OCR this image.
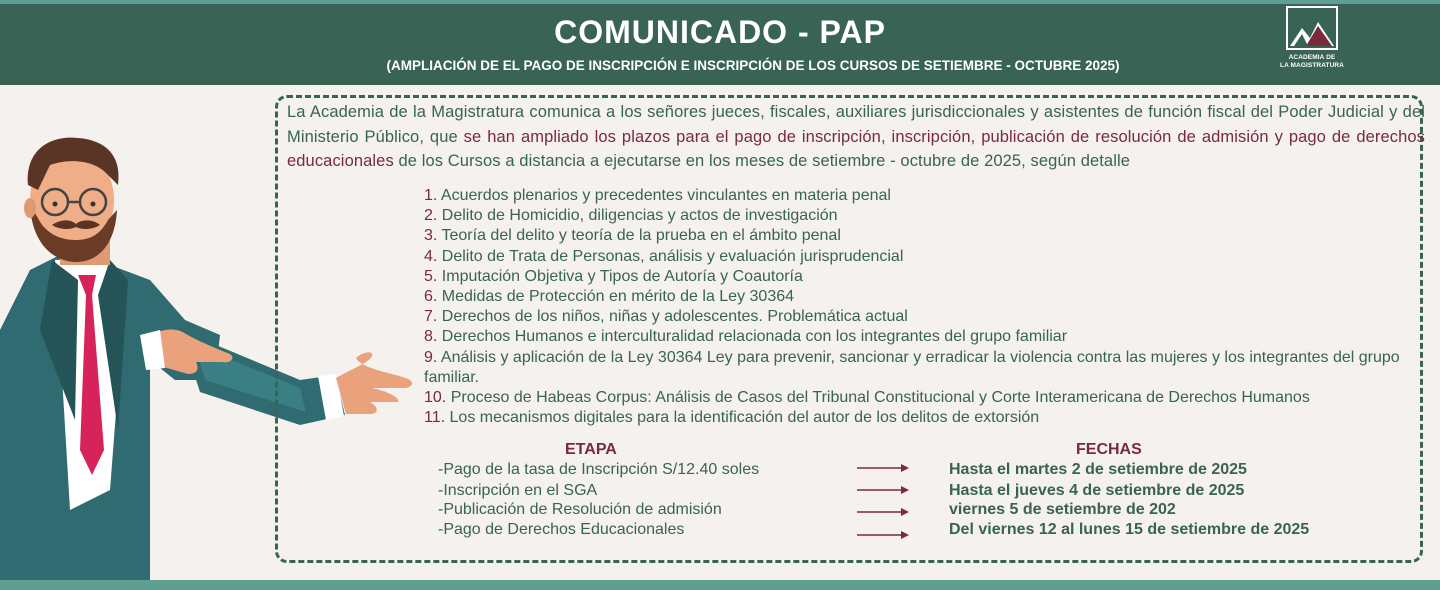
COMUNICADO - PAP
(AMPLIACIÓN DE EL PAGO DE INSCRIPCIÓN E INSCRIPCIÓN DE LOS CURSOS DE SETIEMBRE - OCTUBRE 2025)
ACADEMIA DE
LA MAGISTRATURA
La Academia de la Magistratura comunica a los señores jueces, fiscales, auxiliares jurisdiccionales y asistentes de función fiscal del Poder Judicial y del Ministerio Público, que se han ampliado los plazos para el pago de inscripción, inscripción, publicación de resolución de admisión y pago de derechos educacionales de los Cursos a distancia a ejecutarse en los meses de setiembre - octubre de 2025, según detalle
1. Acuerdos plenarios y precedentes vinculantes en materia penal
2. Delito de Homicidio, diligencias y actos de investigación
3. Teoría del delito y teoría de la prueba en el ámbito penal
4. Delito de Trata de Personas, análisis y evaluación jurisprudencial
5. Imputación Objetiva y Tipos de Autoría y Coautoría
6. Medidas de Protección en mérito de la Ley 30364
7. Derechos de los niños, niñas y adolescentes. Problemática actual
8. Derechos Humanos e interculturalidad relacionada con los integrantes del grupo familiar
9. Análisis y aplicación de la Ley 30364 Ley para prevenir, sancionar y erradicar la violencia contra las mujeres y los integrantes del grupo familiar.
10. Proceso de Habeas Corpus: Análisis de Casos del Tribunal Constitucional y Corte Interamericana de Derechos Humanos
11. Los mecanismos digitales para la identificación del autor de los delitos de extorsión
ETAPA	FECHAS
-Pago de la tasa de Inscripción S/12.40 soles
-Inscripción en el SGA
-Publicación de Resolución de admisión
-Pago de Derechos Educacionales
Hasta el martes 2 de setiembre de 2025
Hasta el jueves 4 de setiembre de 2025
viernes 5 de setiembre de 202
Del viernes 12 al lunes 15 de setiembre de 2025
